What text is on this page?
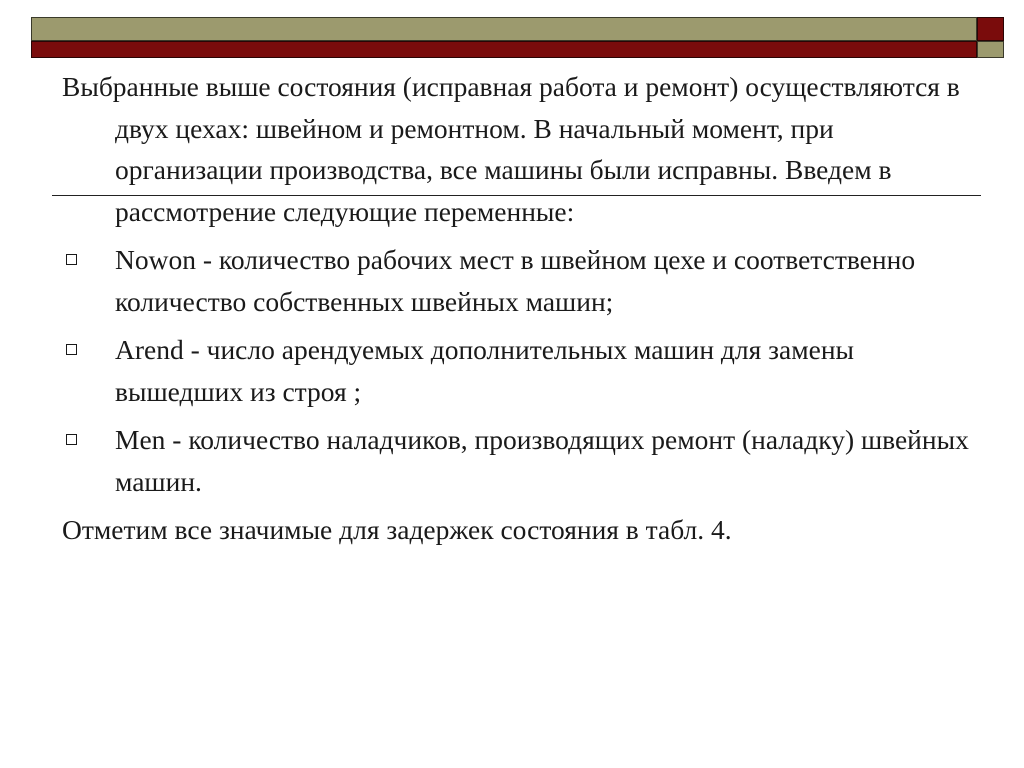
Выбранные выше состояния (исправная работа и ремонт) осуществляются в двух цехах: швейном и ремонтном. В начальный момент, при организации производства, все машины были исправны. Введем в рассмотрение следующие переменные:

Nowon - количество рабочих мест в швейном цехе и соответственно количество собственных швейных машин;
Arend - число арендуемых дополнительных машин для замены вышедших из строя ;
Men - количество наладчиков, производящих ремонт (наладку) швейных машин.

Отметим все значимые для задержек состояния в табл. 4.
